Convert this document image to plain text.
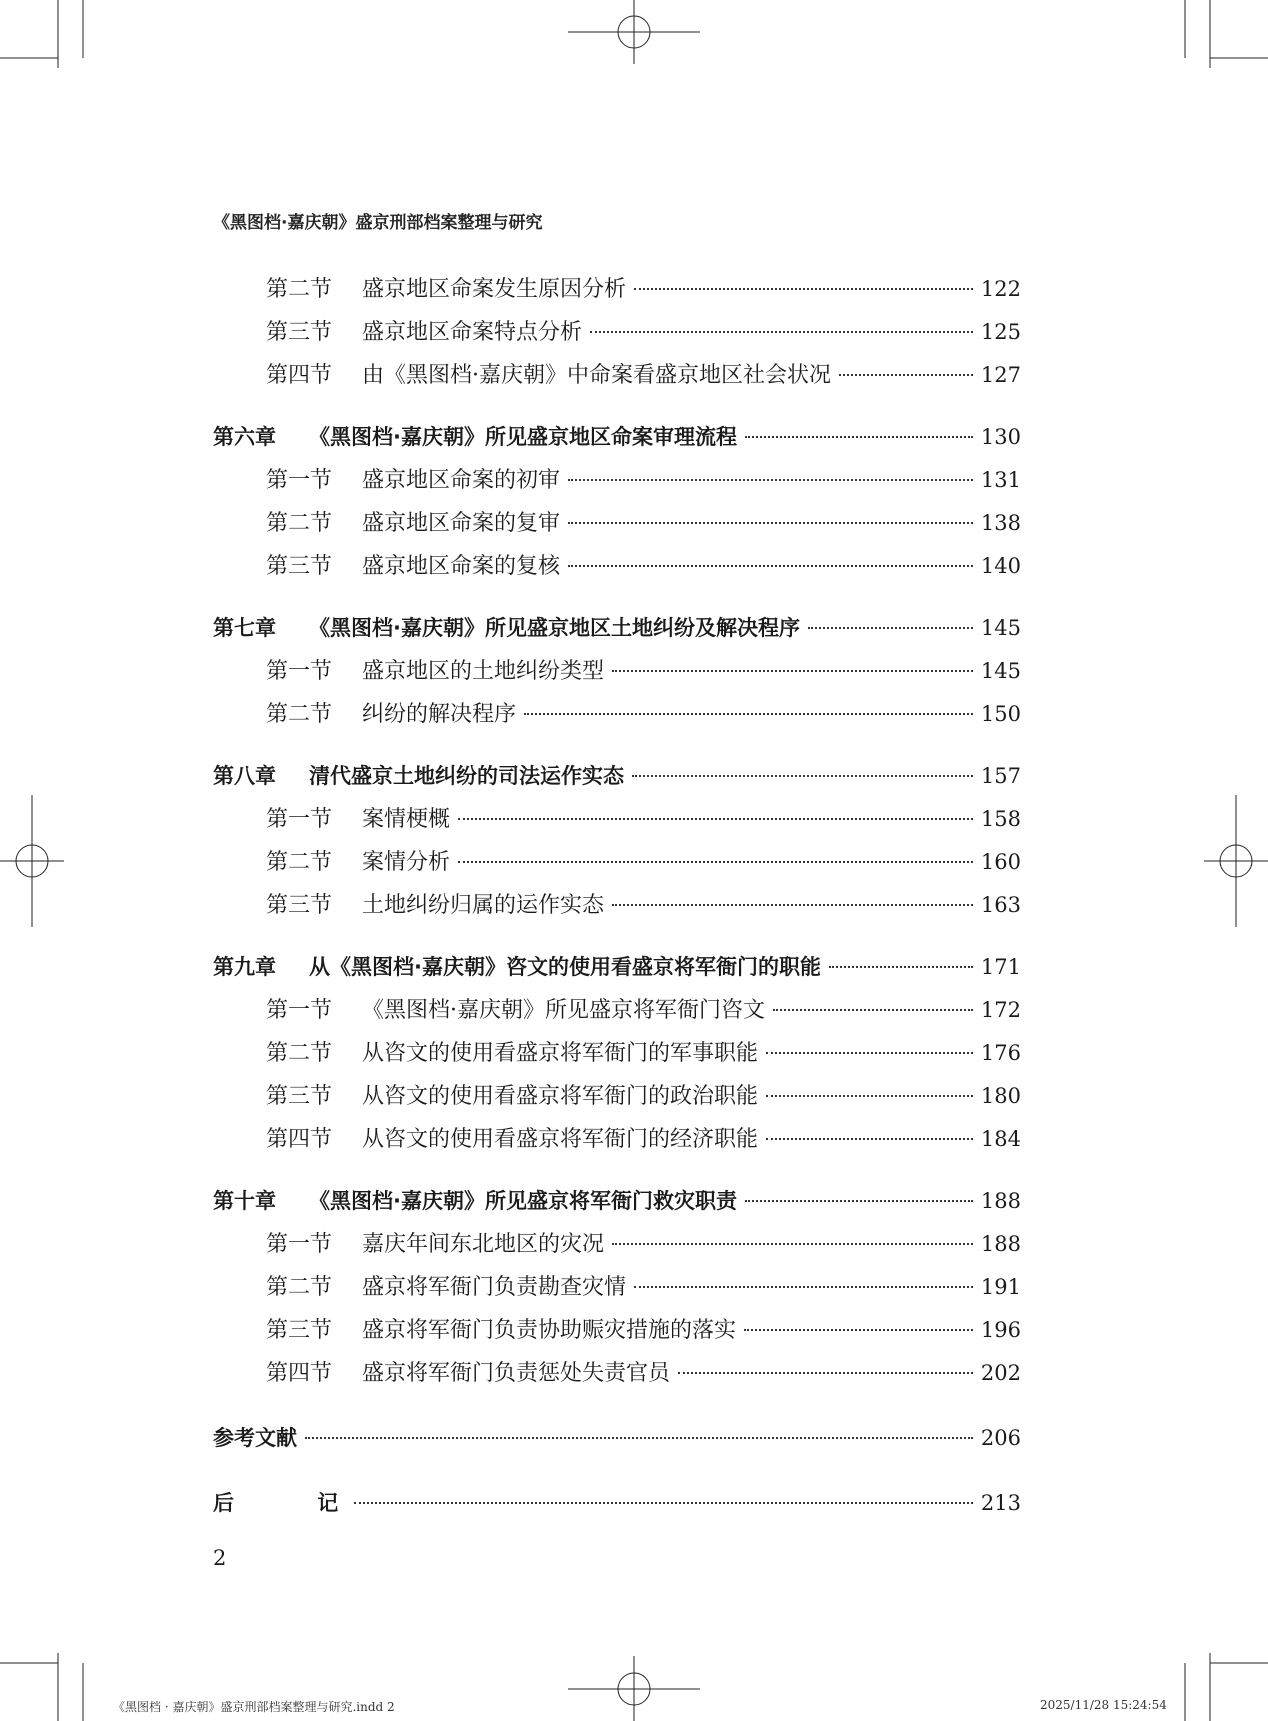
《黑图档·嘉庆朝》盛京刑部档案整理与研究
第二节	盛京地区命案发生原因分析	122
第三节	盛京地区命案特点分析	125
第四节	由《黑图档·嘉庆朝》中命案看盛京地区社会状况	127
第六章	《黑图档·嘉庆朝》所见盛京地区命案审理流程	130
第一节	盛京地区命案的初审	131
第二节	盛京地区命案的复审	138
第三节	盛京地区命案的复核	140
第七章	《黑图档·嘉庆朝》所见盛京地区土地纠纷及解决程序	145
第一节	盛京地区的土地纠纷类型	145
第二节	纠纷的解决程序	150
第八章	清代盛京土地纠纷的司法运作实态	157
第一节	案情梗概	158
第二节	案情分析	160
第三节	土地纠纷归属的运作实态	163
第九章	从《黑图档·嘉庆朝》咨文的使用看盛京将军衙门的职能	171
第一节	《黑图档·嘉庆朝》所见盛京将军衙门咨文	172
第二节	从咨文的使用看盛京将军衙门的军事职能	176
第三节	从咨文的使用看盛京将军衙门的政治职能	180
第四节	从咨文的使用看盛京将军衙门的经济职能	184
第十章	《黑图档·嘉庆朝》所见盛京将军衙门救灾职责	188
第一节	嘉庆年间东北地区的灾况	188
第二节	盛京将军衙门负责勘查灾情	191
第三节	盛京将军衙门负责协助赈灾措施的落实	196
第四节	盛京将军衙门负责惩处失责官员	202
参考文献	206
后 记	213
2
《黑图档 · 嘉庆朝》盛京刑部档案整理与研究.indd 2	2025/11/28 15:24:54
